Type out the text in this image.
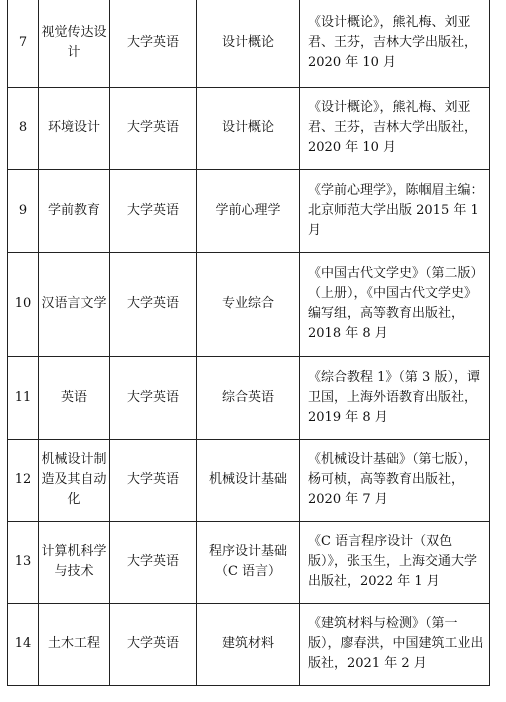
7	视觉传达设计	大学英语	设计概论	《设计概论》，熊礼梅、刘亚君、王芬，吉林大学出版社，2020 年 10 月
8	环境设计	大学英语	设计概论	《设计概论》，熊礼梅、刘亚君、王芬，吉林大学出版社，2020 年 10 月
9	学前教育	大学英语	学前心理学	《学前心理学》，陈帼眉主编：北京师范大学出版 2015 年 1 月
10	汉语言文学	大学英语	专业综合	《中国古代文学史》（第二版）（上册），《中国古代文学史》编写组，高等教育出版社，2018 年 8 月
11	英语	大学英语	综合英语	《综合教程 1》（第 3 版），谭卫国，上海外语教育出版社，2019 年 8 月
12	机械设计制造及其自动化	大学英语	机械设计基础	《机械设计基础》（第七版），杨可桢，高等教育出版社，2020 年 7 月
13	计算机科学与技术	大学英语	程序设计基础（C 语言）	《C 语言程序设计（双色版）》，张玉生，上海交通大学出版社，2022 年 1 月
14	土木工程	大学英语	建筑材料	《建筑材料与检测》（第一版），廖春洪，中国建筑工业出版社，2021 年 2 月
